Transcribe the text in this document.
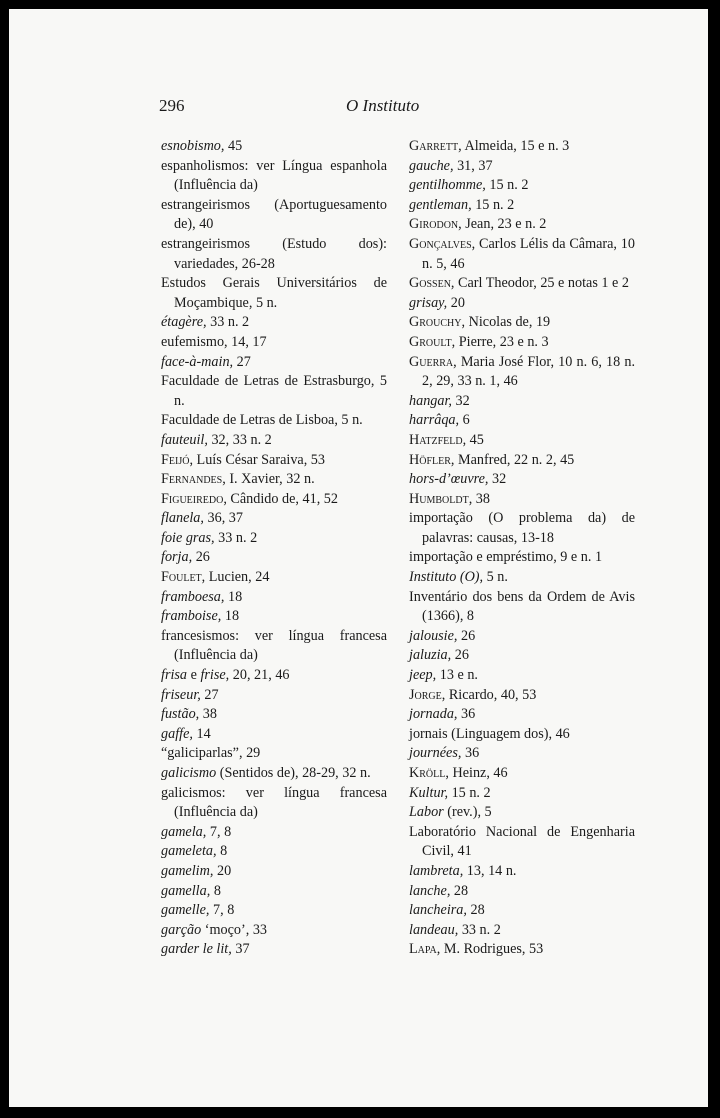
296	O Instituto
esnobismo, 45
espanholismos: ver Língua espanhola (Influência da)
estrangeirismos (Aportuguesamento de), 40
estrangeirismos (Estudo dos): variedades, 26-28
Estudos Gerais Universitários de Moçambique, 5 n.
étagère, 33 n. 2
eufemismo, 14, 17
face-à-main, 27
Faculdade de Letras de Estrasburgo, 5 n.
Faculdade de Letras de Lisboa, 5 n.
fauteuil, 32, 33 n. 2
Feijó, Luís César Saraiva, 53
Fernandes, I. Xavier, 32 n.
Figueiredo, Cândido de, 41, 52
flanela, 36, 37
foie gras, 33 n. 2
forja, 26
Foulet, Lucien, 24
framboesa, 18
framboise, 18
francesismos: ver língua francesa (Influência da)
frisa e frise, 20, 21, 46
friseur, 27
fustão, 38
gaffe, 14
“galiciparlas”, 29
galicismo (Sentidos de), 28-29, 32 n.
galicismos: ver língua francesa (Influência da)
gamela, 7, 8
gameleta, 8
gamelim, 20
gamella, 8
gamelle, 7, 8
garção ‘moço’, 33
garder le lit, 37
Garrett, Almeida, 15 e n. 3
gauche, 31, 37
gentilhomme, 15 n. 2
gentleman, 15 n. 2
Girodon, Jean, 23 e n. 2
Gonçalves, Carlos Lélis da Câmara, 10 n. 5, 46
Gossen, Carl Theodor, 25 e notas 1 e 2
grisay, 20
Grouchy, Nicolas de, 19
Groult, Pierre, 23 e n. 3
Guerra, Maria José Flor, 10 n. 6, 18 n. 2, 29, 33 n. 1, 46
hangar, 32
harrâqa, 6
Hatzfeld, 45
Höfler, Manfred, 22 n. 2, 45
hors-d’œuvre, 32
Humboldt, 38
importação (O problema da) de palavras: causas, 13-18
importação e empréstimo, 9 e n. 1
Instituto (O), 5 n.
Inventário dos bens da Ordem de Avis (1366), 8
jalousie, 26
jaluzia, 26
jeep, 13 e n.
Jorge, Ricardo, 40, 53
jornada, 36
jornais (Linguagem dos), 46
journées, 36
Kröll, Heinz, 46
Kultur, 15 n. 2
Labor (rev.), 5
Laboratório Nacional de Engenharia Civil, 41
lambreta, 13, 14 n.
lanche, 28
lancheira, 28
landeau, 33 n. 2
Lapa, M. Rodrigues, 53
